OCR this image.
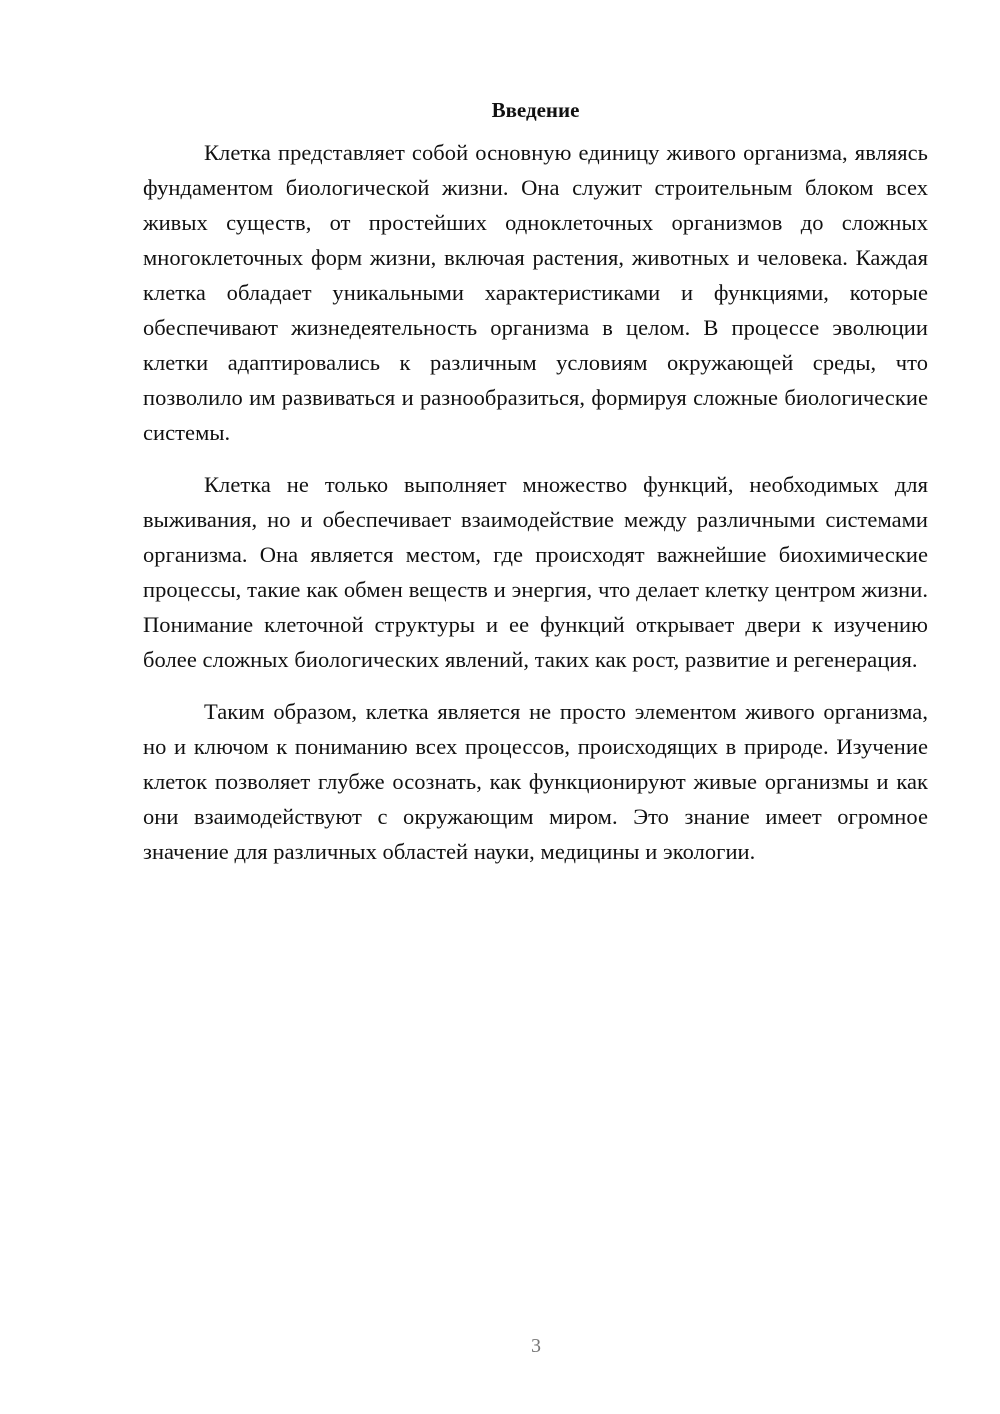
Введение

Клетка представляет собой основную единицу живого организма, являясь фундаментом биологической жизни. Она служит строительным блоком всех живых существ, от простейших одноклеточных организмов до сложных многоклеточных форм жизни, включая растения, животных и человека. Каждая клетка обладает уникальными характеристиками и функциями, которые обеспечивают жизнедеятельность организма в целом. В процессе эволюции клетки адаптировались к различным условиям окружающей среды, что позволило им развиваться и разнообразиться, формируя сложные биологические системы.

Клетка не только выполняет множество функций, необходимых для выживания, но и обеспечивает взаимодействие между различными системами организма. Она является местом, где происходят важнейшие биохимические процессы, такие как обмен веществ и энергия, что делает клетку центром жизни. Понимание клеточной структуры и ее функций открывает двери к изучению более сложных биологических явлений, таких как рост, развитие и регенерация.

Таким образом, клетка является не просто элементом живого организма, но и ключом к пониманию всех процессов, происходящих в природе. Изучение клеток позволяет глубже осознать, как функционируют живые организмы и как они взаимодействуют с окружающим миром. Это знание имеет огромное значение для различных областей науки, медицины и экологии.

3
